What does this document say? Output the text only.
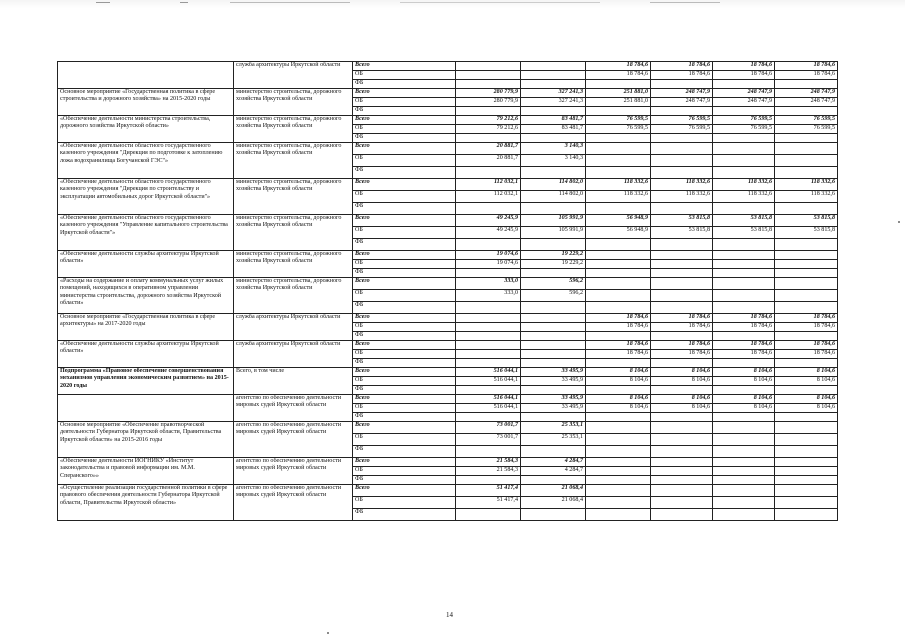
	служба архитектуры Иркутской области	Всего			18 784,6	18 784,6	18 784,6	18 784,6
		ОБ			18 784,6	18 784,6	18 784,6	18 784,6
		ФБ						
Основное мероприятие «Государственная политика в сфере строительства и дорожного хозяйства» на 2015-2020 годы	министерство строительства, дорожного хозяйства Иркутской области	Всего	280 779,9	327 241,3	251 881,0	248 747,9	248 747,9	248 747,9
		ОБ	280 779,9	327 241,3	251 881,0	248 747,9	248 747,9	248 747,9
		ФБ						
«Обеспечение деятельности министерства строительства, дорожного хозяйства Иркутской области»	министерство строительства, дорожного хозяйства Иркутской области	Всего	79 212,6	83 481,7	76 599,5	76 599,5	76 599,5	76 599,5
		ОБ	79 212,6	83 481,7	76 599,5	76 599,5	76 599,5	76 599,5
		ФБ						
«Обеспечение деятельности областного государственного казенного учреждения "Дирекция по подготовке к затоплению ложа водохранилища Богучанской ГЭС"»	министерство строительства, дорожного хозяйства Иркутской области	Всего	20 881,7	3 140,3				
		ОБ	20 881,7	3 140,3				
		ФБ						
«Обеспечение деятельности областного государственного казенного учреждения "Дирекция по строительству и эксплуатации автомобильных дорог Иркутской области"»	министерство строительства, дорожного хозяйства Иркутской области	Всего	112 032,1	114 802,0	118 332,6	118 332,6	118 332,6	118 332,6
		ОБ	112 032,1	114 802,0	118 332,6	118 332,6	118 332,6	118 332,6
		ФБ						
«Обеспечение деятельности областного государственного казенного учреждения "Управление капитального строительства Иркутской области"»	министерство строительства, дорожного хозяйства Иркутской области	Всего	49 245,9	105 991,9	56 948,9	53 815,8	53 815,8	53 815,8
		ОБ	49 245,9	105 991,9	56 948,9	53 815,8	53 815,8	53 815,8
		ФБ						
«Обеспечение деятельности службы архитектуры Иркутской области»	министерство строительства, дорожного хозяйства Иркутской области	Всего	19 074,6	19 229,2				
		ОБ	19 074,6	19 229,2				
		ФБ						
«Расходы на содержание и оплату коммунальных услуг жилых помещений, находящихся в оперативном управлении министерства строительства, дорожного хозяйства Иркутской области»	министерство строительства, дорожного хозяйства Иркутской области	Всего	333,0	596,2				
		ОБ	333,0	596,2				
		ФБ						
Основное мероприятие «Государственная политика в сфере архитектуры» на 2017-2020 годы	служба архитектуры Иркутской области	Всего			18 784,6	18 784,6	18 784,6	18 784,6
		ОБ			18 784,6	18 784,6	18 784,6	18 784,6
		ФБ						
«Обеспечение деятельности службы архитектуры Иркутской области»	служба архитектуры Иркутской области	Всего			18 784,6	18 784,6	18 784,6	18 784,6
		ОБ			18 784,6	18 784,6	18 784,6	18 784,6
		ФБ						
Подпрограмма «Правовое обеспечение совершенствования механизмов управления экономическим развитием» на 2015-2020 годы	Всего, в том числе	Всего	516 044,1	33 495,9	8 104,6	8 104,6	8 104,6	8 104,6
		ОБ	516 044,1	33 495,9	8 104,6	8 104,6	8 104,6	8 104,6
		ФБ						
	агентство по обеспечению деятельности мировых судей Иркутской области	Всего	516 044,1	33 495,9	8 104,6	8 104,6	8 104,6	8 104,6
		ОБ	516 044,1	33 495,9	8 104,6	8 104,6	8 104,6	8 104,6
		ФБ						
Основное мероприятие «Обеспечение правотворческой деятельности Губернатора Иркутской области, Правительства Иркутской области» на 2015-2016 годы	агентство по обеспечению деятельности мировых судей Иркутской области	Всего	73 001,7	25 353,1				
		ОБ	73 001,7	25 353,1				
		ФБ						
«Обеспечение деятельности ИОГНИКУ «Институт законодательства и правовой информации им. М.М. Сперанского»»	агентство по обеспечению деятельности мировых судей Иркутской области	Всего	21 584,3	4 284,7				
		ОБ	21 584,3	4 284,7				
		ФБ						
«Осуществление реализации государственной политики в сфере правового обеспечения деятельности Губернатора Иркутской области, Правительства Иркутской области»	агентство по обеспечению деятельности мировых судей Иркутской области	Всего	51 417,4	21 068,4				
		ОБ	51 417,4	21 068,4				
		ФБ						
14
